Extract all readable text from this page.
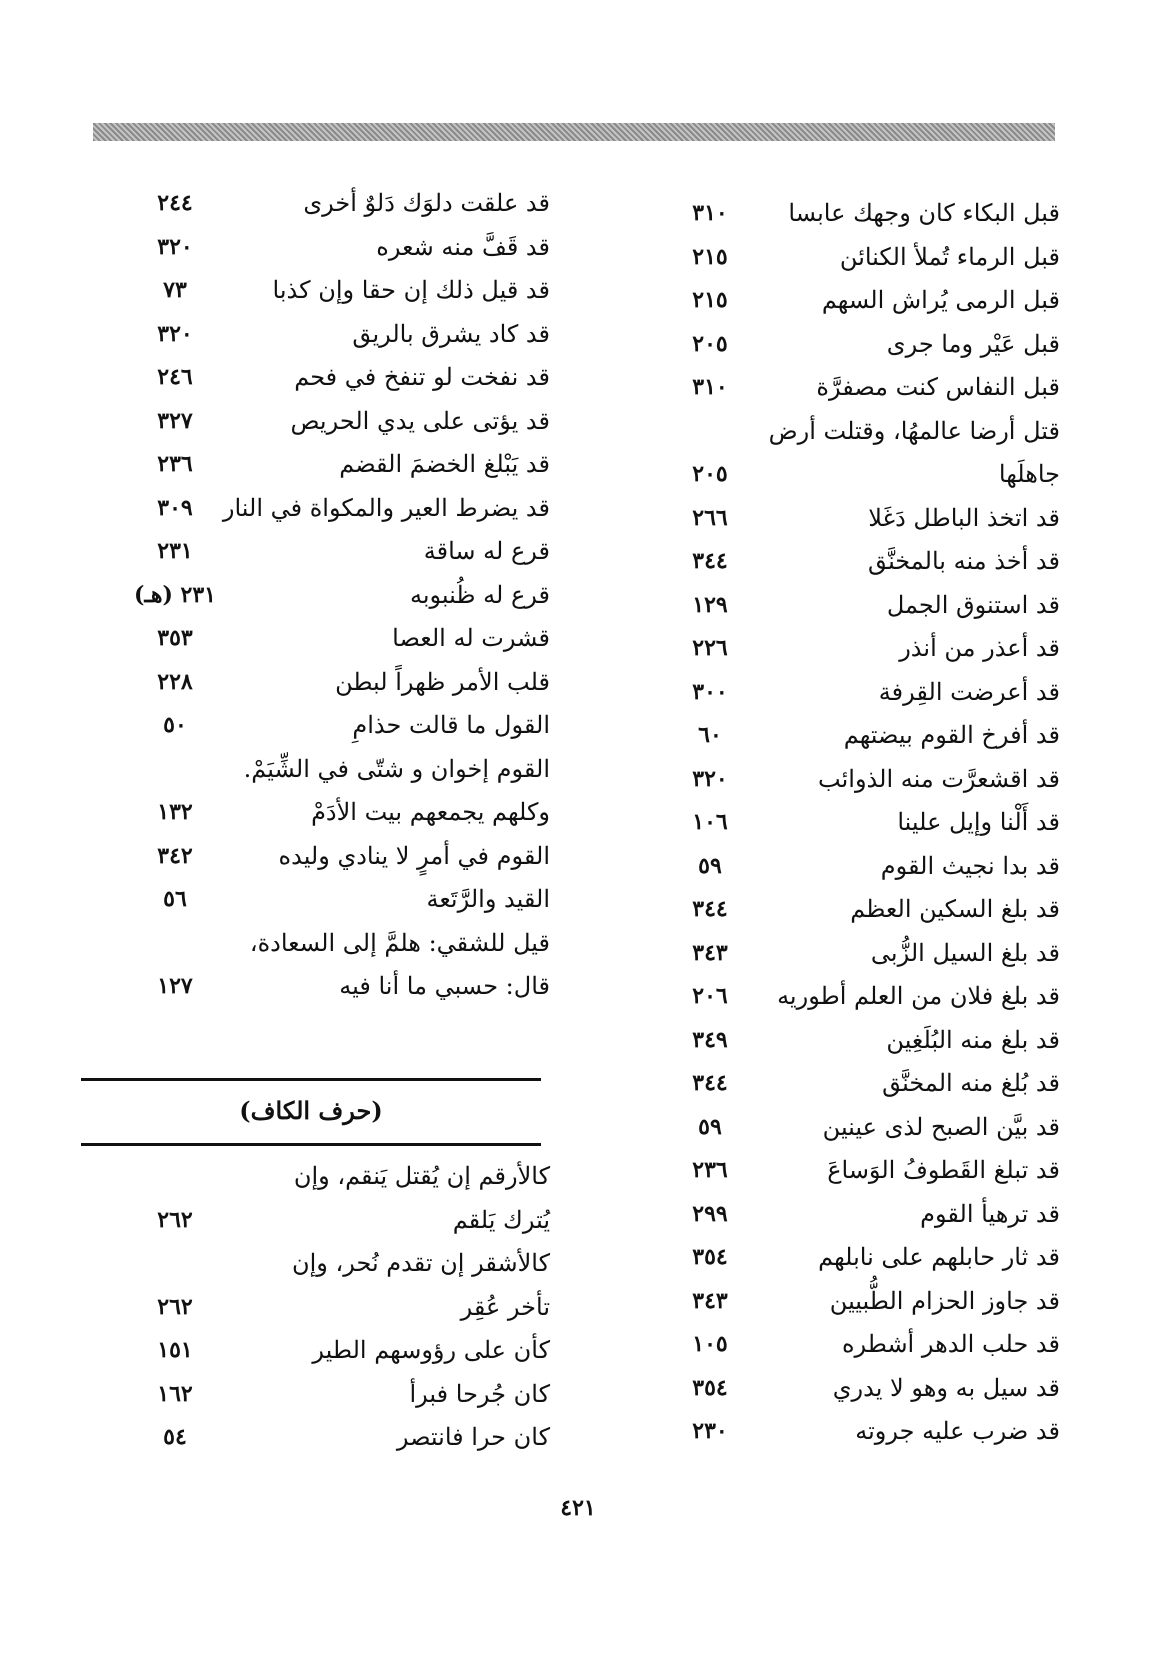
قبل البكاء كان وجهك عابسا
٣١٠
قبل الرماء تُملأ الكنائن
٢١٥
قبل الرمى يُراش السهم
٢١٥
قبل عَيْر وما جرى
٢٠٥
قبل النفاس كنت مصفرَّة
٣١٠
قتل أرضا عالمهُا، وقتلت أرض
جاهلَها
٢٠٥
قد اتخذ الباطل دَغَلا
٢٦٦
قد أخذ منه بالمخنَّق
٣٤٤
قد استنوق الجمل
١٢٩
قد أعذر من أنذر
٢٢٦
قد أعرضت القِرفة
٣٠٠
قد أفرخ القوم بيضتهم
٦٠
قد اقشعرَّت منه الذوائب
٣٢٠
قد أَلْنا وإيل علينا
١٠٦
قد بدا نجيث القوم
٥٩
قد بلغ السكين العظم
٣٤٤
قد بلغ السيل الزُّبى
٣٤٣
قد بلغ فلان من العلم أطوريه
٢٠٦
قد بلغ منه البُلَغِين
٣٤٩
قد بُلغ منه المخنَّق
٣٤٤
قد بيَّن الصبح لذى عينين
٥٩
قد تبلغ القَطوفُ الوَساعَ
٢٣٦
قد ترهيأ القوم
٢٩٩
قد ثار حابلهم على نابلهم
٣٥٤
قد جاوز الحزام الطُّبيين
٣٤٣
قد حلب الدهر أشطره
١٠٥
قد سيل به وهو لا يدري
٣٥٤
قد ضرب عليه جروته
٢٣٠
قد علقت دلوَك دَلوٌ أخرى
٢٤٤
قد قَفَّ منه شعره
٣٢٠
قد قيل ذلك إن حقا وإن كذبا
٧٣
قد كاد يشرق بالريق
٣٢٠
قد نفخت لو تنفخ في فحم
٢٤٦
قد يؤتى على يدي الحريص
٣٢٧
قد يَبْلغ الخضمَ القضم
٢٣٦
قد يضرط العير والمكواة في النار
٣٠٩
قرع له ساقة
٢٣١
قرع له ظُنبوبه
٢٣١ (هـ)
قشرت له العصا
٣٥٣
قلب الأمر ظهراً لبطن
٢٢٨
القول ما قالت حذامِ
٥٠
القوم إخوان و شتّى في الشِّيَمْ.
وكلهم يجمعهم بيت الأدَمْ
١٣٢
القوم في أمرٍ لا ينادي وليده
٣٤٢
القيد والرَّتَعة
٥٦
قيل للشقي: هلمَّ إلى السعادة،
قال: حسبي ما أنا فيه
١٢٧
(حرف الكاف)
كالأرقم إن يُقتل يَنقم، وإن
يُترك يَلقم
٢٦٢
كالأشقر إن تقدم نُحر، وإن
تأخر عُقِر
٢٦٢
كأن على رؤوسهم الطير
١٥١
كان جُرحا فبرأ
١٦٢
كان حرا فانتصر
٥٤
٤٢١
